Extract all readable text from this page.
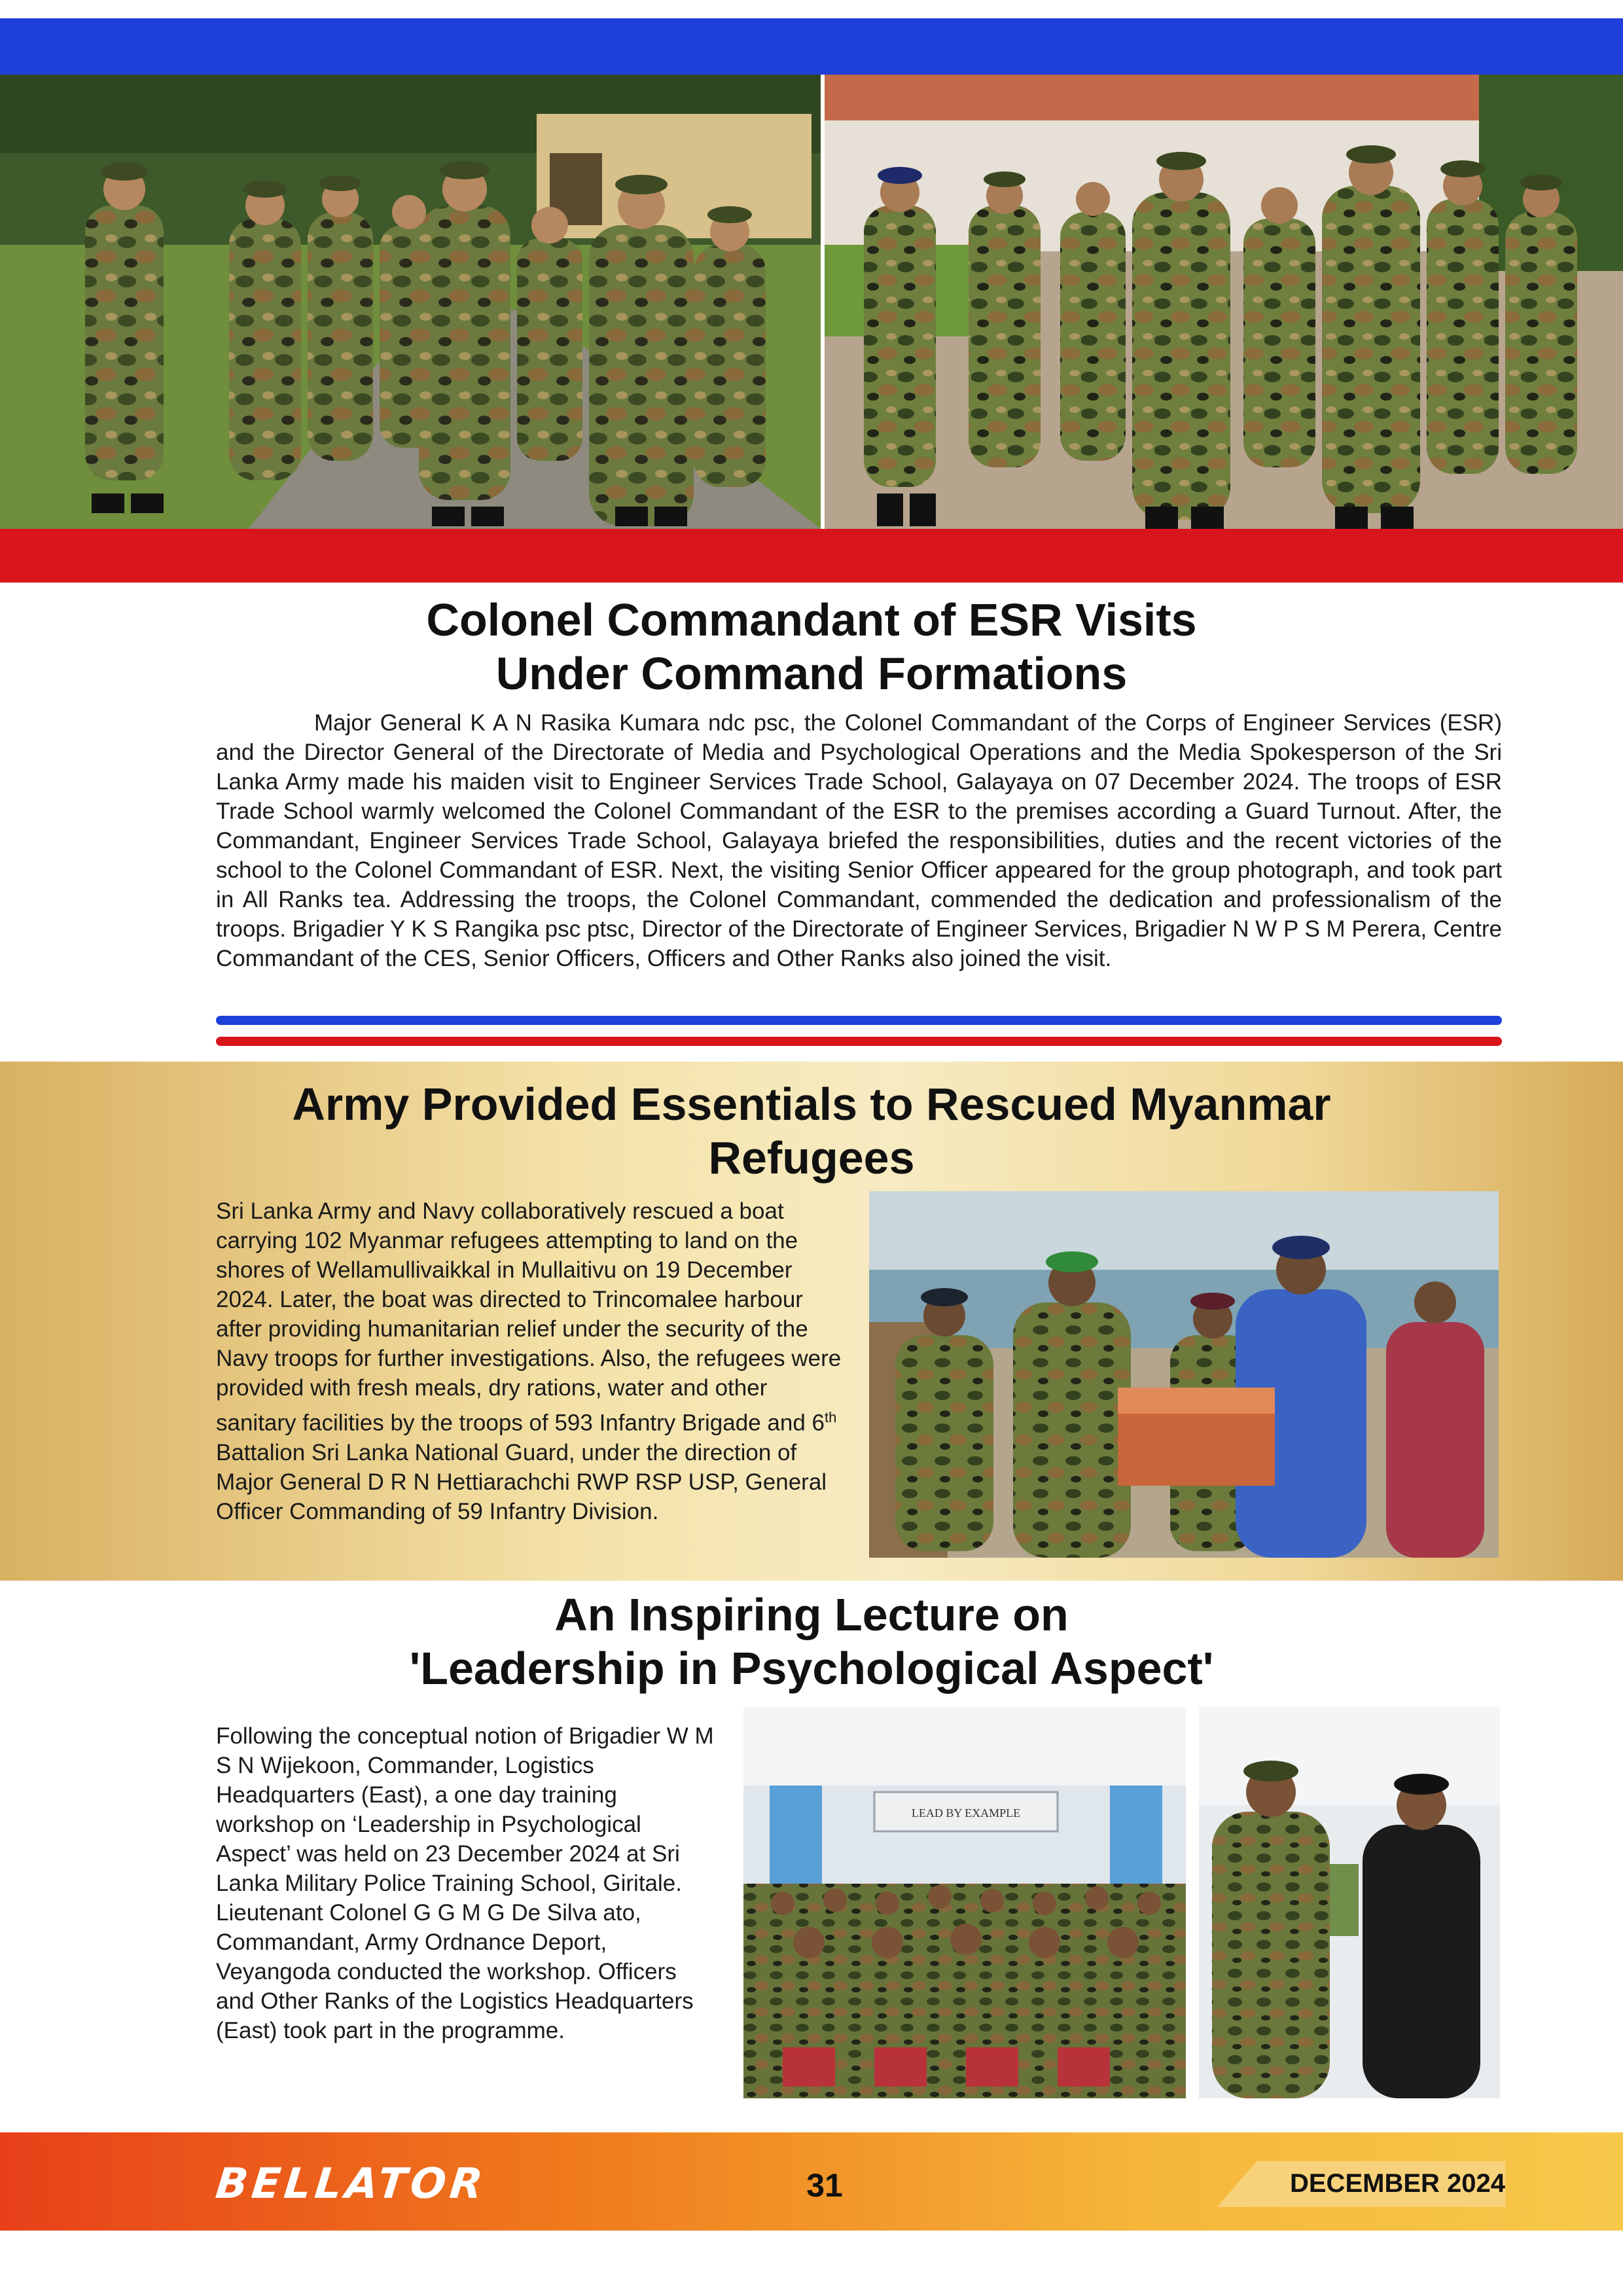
Colonel Commandant of ESR Visits
Under Command Formations

Major General K A N Rasika Kumara ndc psc, the Colonel Commandant of the Corps of Engineer Services (ESR) and the Director General of the Directorate of Media and Psychological Operations and the Media Spokesperson of the Sri Lanka Army made his maiden visit to Engineer Services Trade School, Galayaya on 07 December 2024. The troops of ESR Trade School warmly welcomed the Colonel Commandant of the ESR to the premises according a Guard Turnout. After, the Commandant, Engineer Services Trade School, Galayaya briefed the responsibilities, duties and the recent victories of the school to the Colonel Commandant of ESR. Next, the visiting Senior Officer appeared for the group photograph, and took part in All Ranks tea. Addressing the troops, the Colonel Commandant, commended the dedication and professionalism of the troops. Brigadier Y K S Rangika psc ptsc, Director of the Directorate of Engineer Services, Brigadier N W P S M Perera, Centre Commandant of the CES, Senior Officers, Officers and Other Ranks also joined the visit.

Army Provided Essentials to Rescued Myanmar
Refugees

Sri Lanka Army and Navy collaboratively rescued a boat carrying 102 Myanmar refugees attempting to land on the shores of Wellamullivaikkal in Mullaitivu on 19 December 2024. Later, the boat was directed to Trincomalee harbour after providing humanitarian relief under the security of the Navy troops for further investigations. Also, the refugees were provided with fresh meals, dry rations, water and other sanitary facilities by the troops of 593 Infantry Brigade and 6th Battalion Sri Lanka National Guard, under the direction of Major General D R N Hettiarachchi RWP RSP USP, General Officer Commanding of 59 Infantry Division.

An Inspiring Lecture on
'Leadership in Psychological Aspect'

Following the conceptual notion of Brigadier W M S N Wijekoon, Commander, Logistics Headquarters (East), a one day training workshop on ‘Leadership in Psychological Aspect’ was held on 23 December 2024 at Sri Lanka Military Police Training School, Giritale. Lieutenant Colonel G G M G De Silva ato, Commandant, Army Ordnance Deport, Veyangoda conducted the workshop. Officers and Other Ranks of the Logistics Headquarters (East) took part in the programme.

LEAD BY EXAMPLE
BELLATOR	31	DECEMBER 2024
